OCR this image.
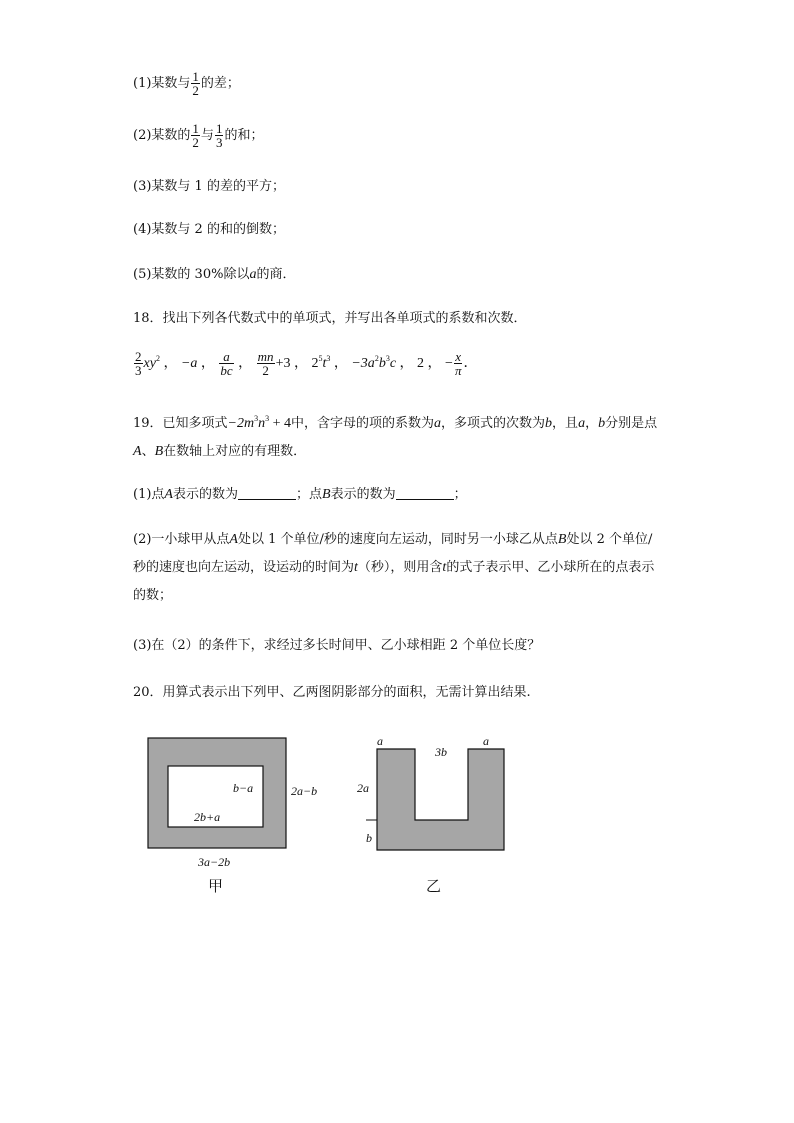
(1)某数与 $\frac{1}{2}$ 的差；
(2)某数的 $\frac{1}{2}$ 与 $\frac{1}{3}$ 的和；
(3)某数与 1 的差的平方；
(4)某数与 2 的和的倒数；
(5)某数的 30%除以a的商．
18．找出下列各代数式中的单项式，并写出各单项式的系数和次数．
$\frac{2}{3} xy^2$ ， −a ， $\frac{a}{bc}$ ， $\frac{mn}{2} +3$ ， $2^5t^3$ ， $-3a^2b^3c$ ， 2 ， − $\frac{x}{\pi}$ ．
19．已知多项式$-2m^3n^3 + 4$中，含字母的项的系数为a，多项式的次数为b，且a，b分别是点A、B在数轴上对应的有理数．
(1)点A表示的数为	；点B表示的数为	；
(2)一小球甲从点A处以 1 个单位/秒的速度向左运动，同时另一小球乙从点B处以 2 个单位/秒的速度也向左运动，设运动的时间为t（秒），则用含t的式子表示甲、乙小球所在的点表示的数；
(3)在（2）的条件下，求经过多长时间甲、乙小球相距 2 个单位长度？
20．用算式表示出下列甲、乙两图阴影部分的面积，无需计算出结果.
b−a
2b+a
2a−b
3a−2b
甲
a
3b
a
2a
b
乙
